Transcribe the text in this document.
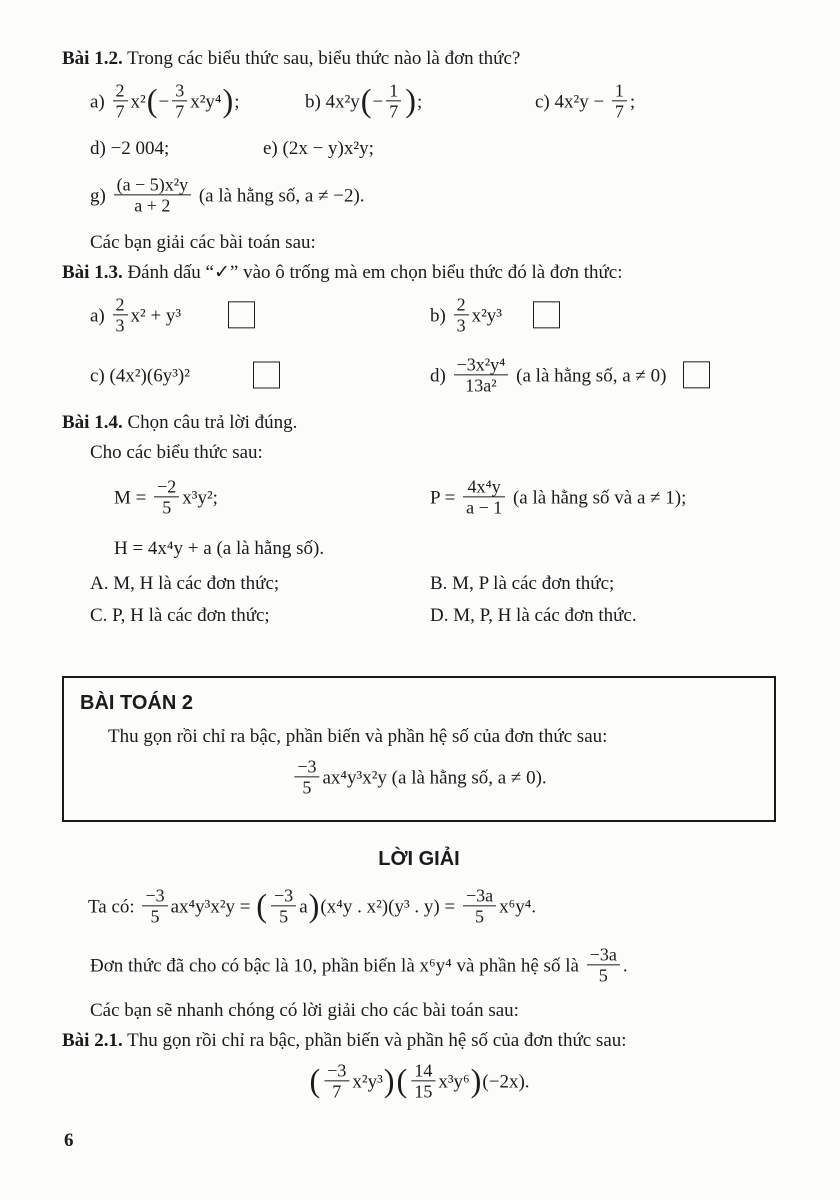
Bài 1.2. Trong các biểu thức sau, biểu thức nào là đơn thức?
$a) \frac{2}{7} x^2(- \frac{3}{7} x^2y^4)$;	b) $4x^2y(- \frac{1}{7}$ );	c) $4x^2y - \frac{1}{7}$ ;
d) −2 004;	e) (2x − y)x²y;
$g) \frac{\text{(a − 5)x²y}}{a + 2} (a$ là hằng số, a ≠ −2).
Các bạn giải các bài toán sau:
Bài 1.3. Đánh dấu “✓” vào ô trống mà em chọn biểu thức đó là đơn thức:
$a) \frac{2}{3} x^2 + y^3$	$b) \frac{2}{3} x^2y^3$
c) (4x²)(6y³)²	$d) \frac{\text{−3x²y⁴}}{\text{13a²}} (a$ là hằng số, a ≠ 0)
Bài 1.4. Chọn câu trả lời đúng.
Cho các biểu thức sau:
$M = \frac{-2}{5} x^3y^2$;	$P = \frac{\text{4x⁴y}}{a - 1} (a$ là hằng số và a ≠ 1);
H = 4x⁴y + a (a là hằng số).
A. M, H là các đơn thức;	B. M, P là các đơn thức;
C. P, H là các đơn thức;	D. M, P, H là các đơn thức.
BÀI TOÁN 2
Thu gọn rồi chỉ ra bậc, phần biến và phần hệ số của đơn thức sau:
$\frac{-3}{5} ax^4y^3x^2y$ (a là hằng số, a ≠ 0).
LỜI GIẢI
Ta có: $\frac{-3}{5} ax^4y^3x^2y$ = ( $\frac{-3}{5} a)(x^4y$ . x²)(y³ . $y) = \frac{-3a}{5} x^6y^4$.
Đơn thức đã cho có bậc là 10, phần biến là x⁶y⁴ và phần hệ số là $\frac{-3a}{5}$ .
Các bạn sẽ nhanh chóng có lời giải cho các bài toán sau:
Bài 2.1. Thu gọn rồi chỉ ra bậc, phần biến và phần hệ số của đơn thức sau:
( $\frac{-3}{7} x^2y^3)( \frac{14}{15} x^3y^6)(-2x)$.
6
